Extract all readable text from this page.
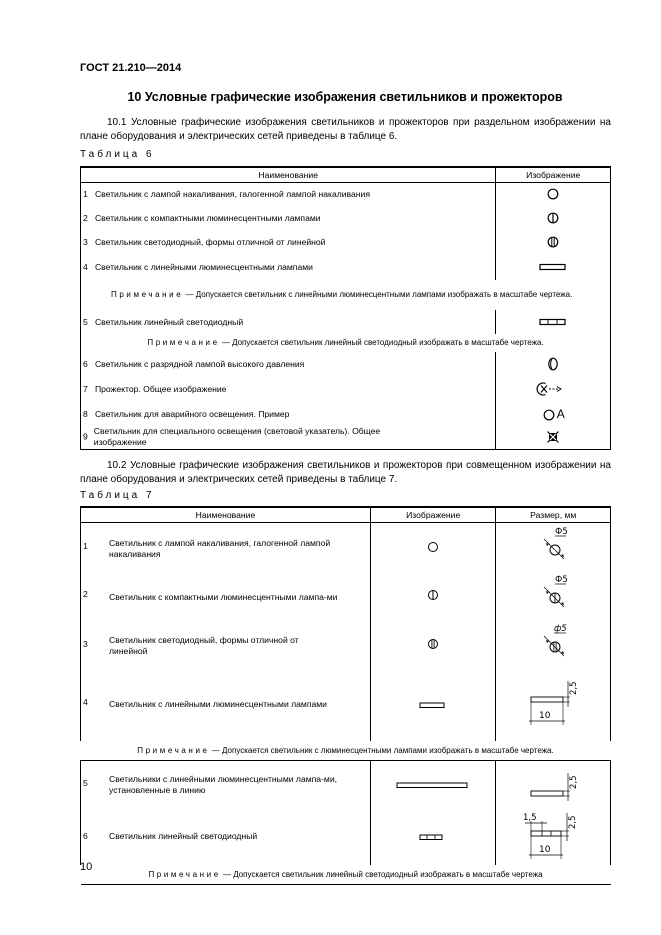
ГОСТ 21.210—2014
10 Условные графические изображения светильников и прожекторов
10.1 Условные графические изображения светильников и прожекторов при раздельном изображении на плане оборудования и электрических сетей приведены в таблице 6.
Таблица 6
Наименование	Изображение
1 Светильник с лампой накаливания, галогенной лампой накаливания	
2 Светильник с компактными люминесцентными лампами	
3 Светильник светодиодный, формы отличной от линейной	
4 Светильник с линейными люминесцентными лампами	
Примечание — Допускается светильник с линейными люминесцентными лампами изображать в масштабе чертежа.	
5 Светильник линейный светодиодный	
Примечание — Допускается светильник линейный светодиодный изображать в масштабе чертежа.	
6 Светильник с разрядной лампой высокого давления	
7 Прожектор. Общее изображение	
8 Светильник для аварийного освещения. Пример	А
9Светильник для специального освещения (световой указатель). Общее изображение	
10.2 Условные графические изображения светильников и прожекторов при совмещенном изображении на плане оборудования и электрических сетей приведены в таблице 7.
Таблица 7
Наименование	Изображение	Размер, мм

1 Светильник с лампой накаливания, галогенной лампой накаливания		Ф5

2 Светильник с компактными люминесцентными лампа-ми		Ф5

3 Светильник светодиодный, формы отличной от линейной		ф5

4 Светильник с линейными люминесцентными лампами		10
2,5

Примечание — Допускается светильник с люминесцентными лампами изображать в масштабе чертежа.		

5 Светильники с линейными люминесцентными лампа-ми, установленные в линию		2,5

6 Светильник линейный светодиодный		1,5
10
2,5

Примечание — Допускается светильник линейный светодиодный изображать в масштабе чертежа		
10
